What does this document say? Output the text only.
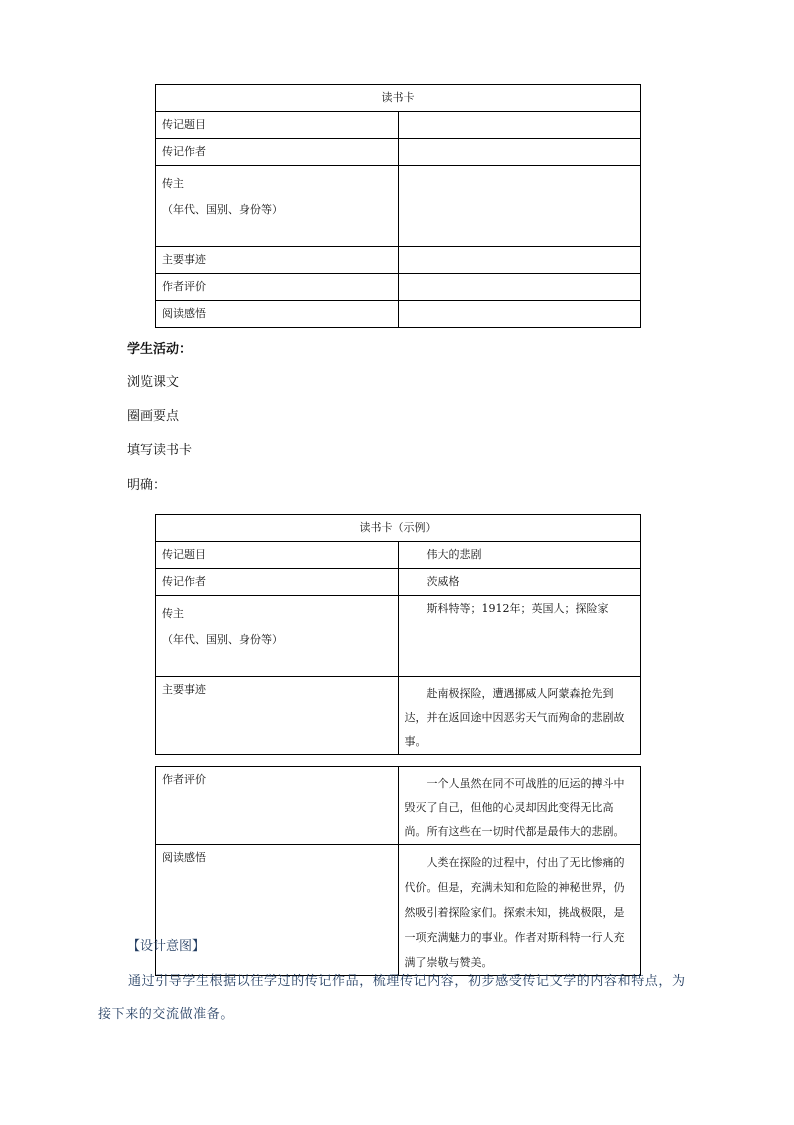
读书卡	
传记题目	
传记作者	
传主
（年代、国别、身份等）	
主要事迹	
作者评价	
阅读感悟	
学生活动：
浏览课文
圈画要点
填写读书卡
明确：
读书卡（示例）	
传记题目	伟大的悲剧
传记作者	茨威格
传主
（年代、国别、身份等）	斯科特等；1912年；英国人；探险家
主要事迹	赴南极探险，遭遇挪威人阿蒙森抢先到达，并在返回途中因恶劣天气而殉命的悲剧故事。

作者评价	一个人虽然在同不可战胜的厄运的搏斗中毁灭了自己，但他的心灵却因此变得无比高尚。所有这些在一切时代都是最伟大的悲剧。
阅读感悟	人类在探险的过程中，付出了无比惨痛的代价。但是，充满未知和危险的神秘世界，仍然吸引着探险家们。探索未知，挑战极限，是一项充满魅力的事业。作者对斯科特一行人充满了崇敬与赞美。
【设计意图】
通过引导学生根据以往学过的传记作品，梳理传记内容，初步感受传记文学的内容和特点，为接下来的交流做准备。
